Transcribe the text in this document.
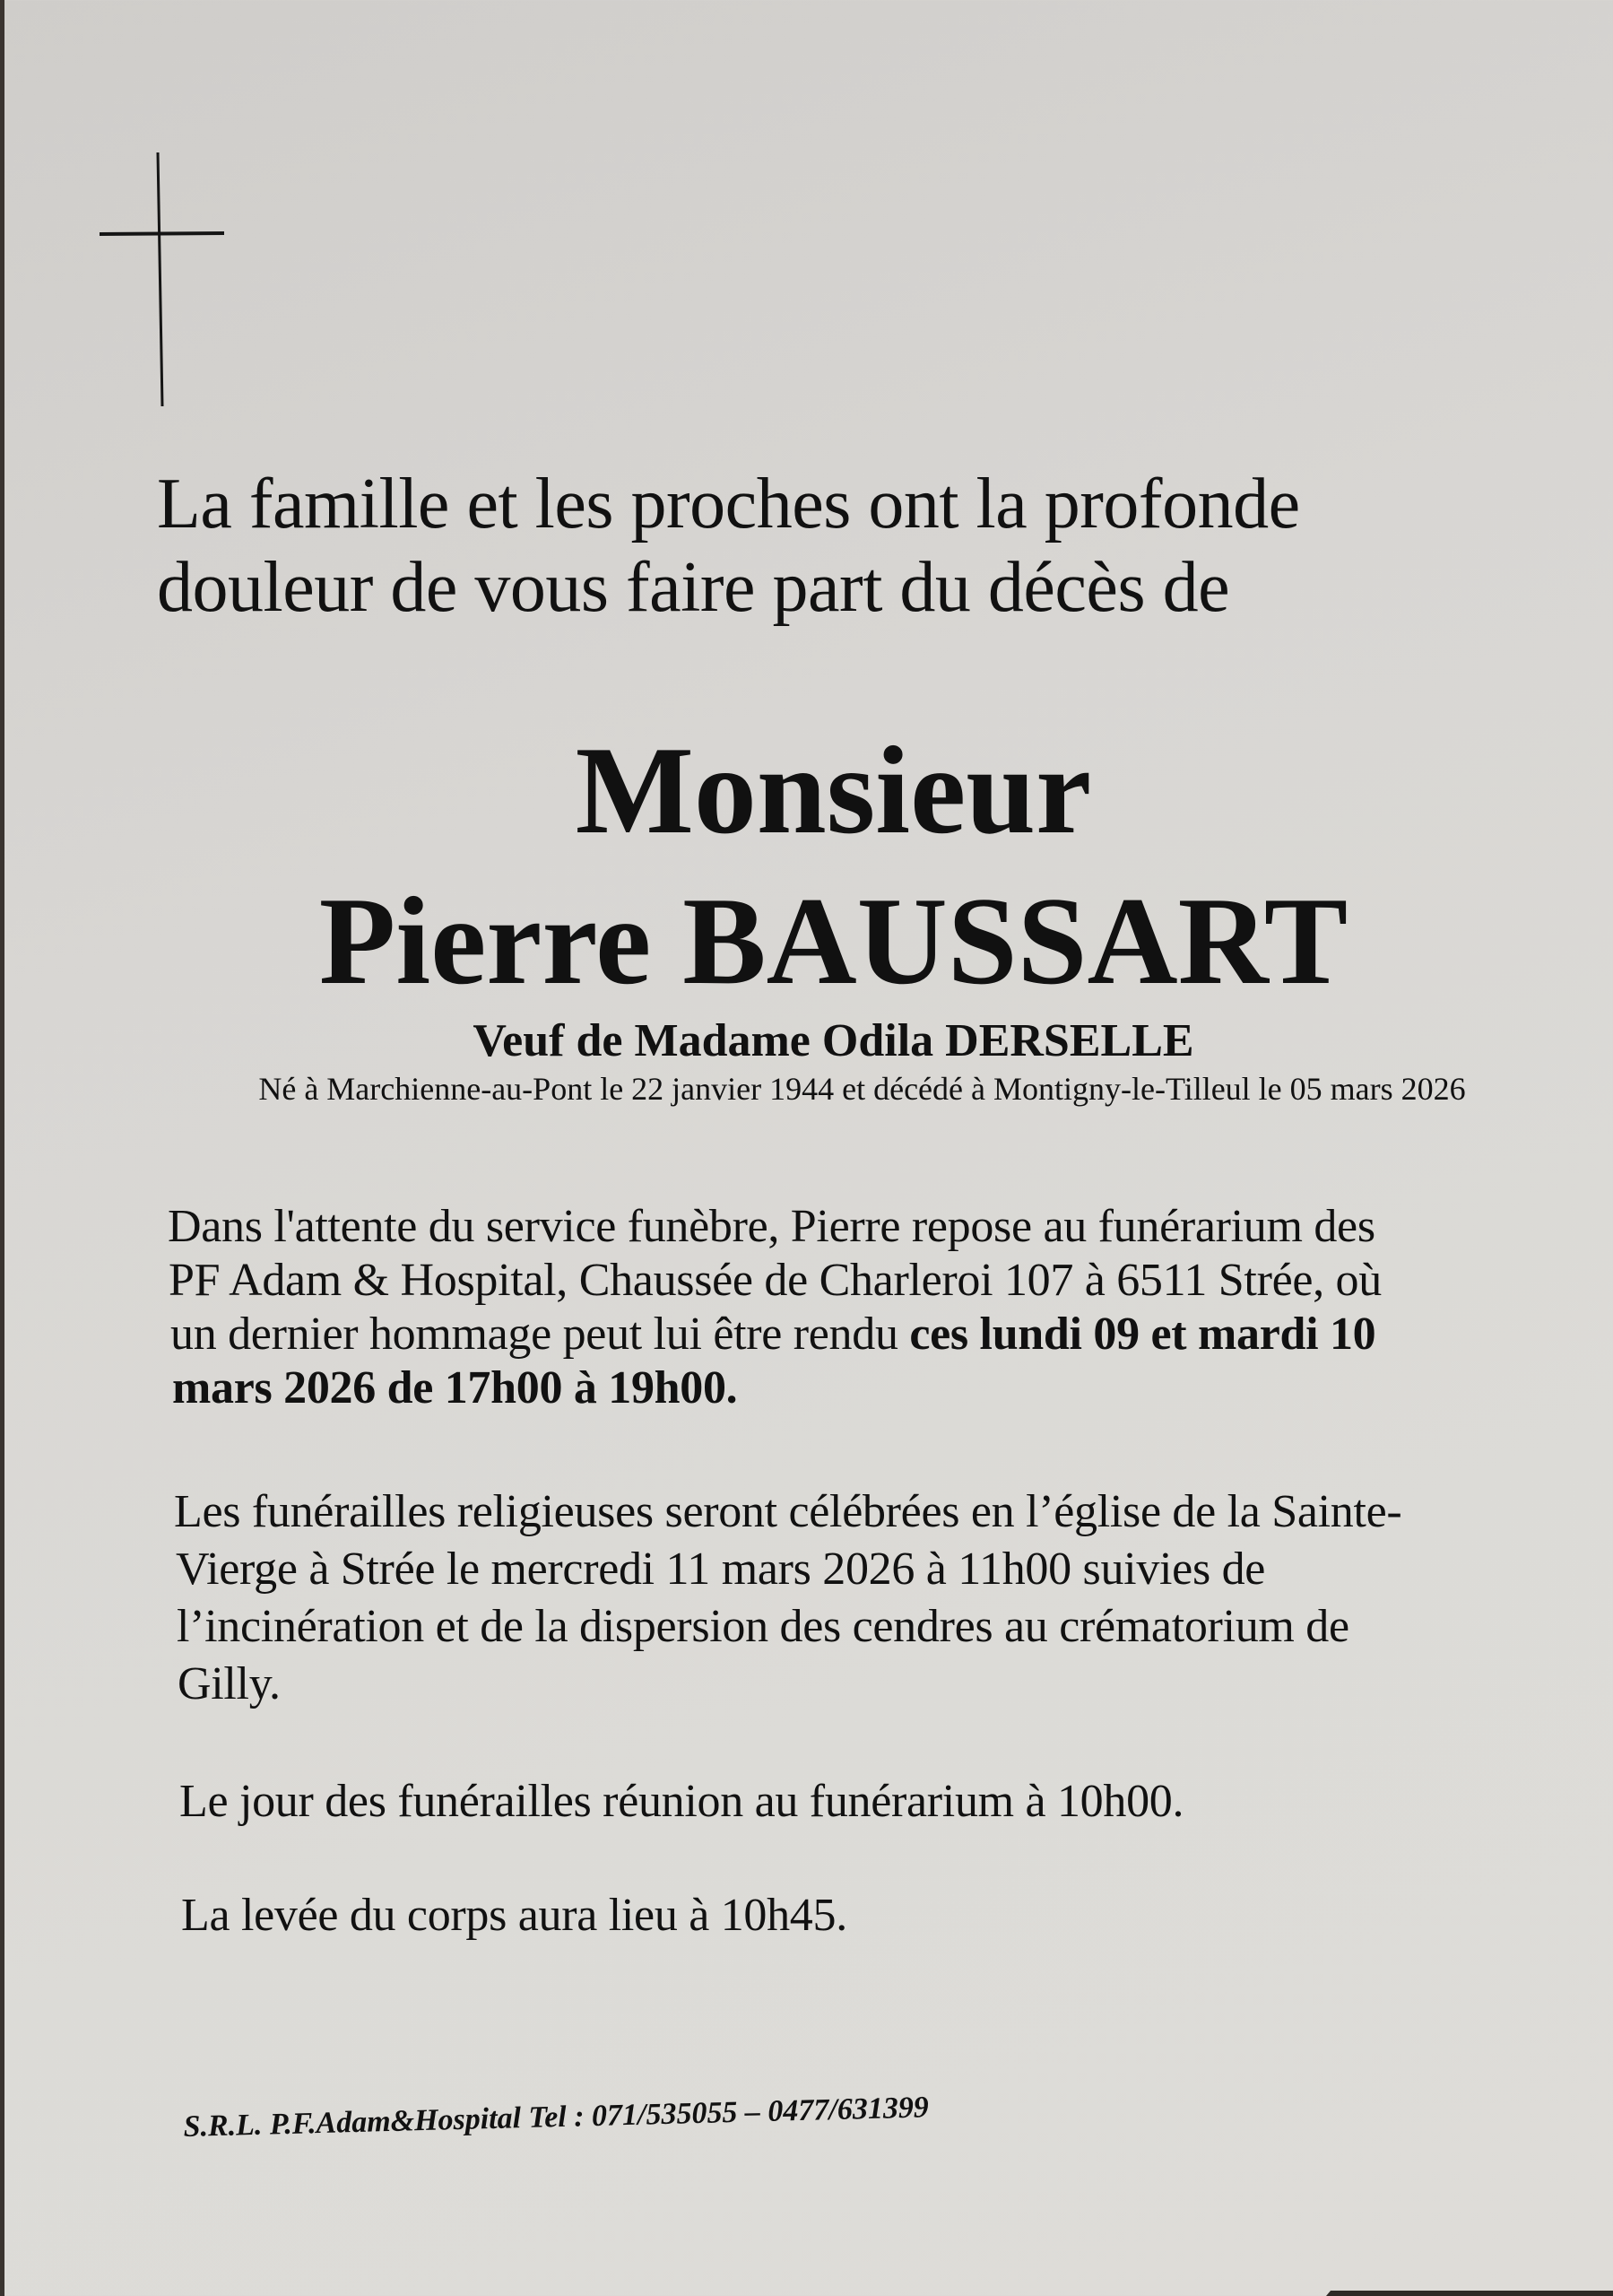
La famille et les proches ont la profonde
douleur de vous faire part du décès de
Monsieur
Pierre BAUSSART
Veuf de Madame Odila DERSELLE
Né à Marchienne-au-Pont le 22 janvier 1944 et décédé à Montigny-le-Tilleul le 05 mars 2026
Dans l'attente du service funèbre, Pierre repose au funérarium des
PF Adam & Hospital, Chaussée de Charleroi 107 à 6511 Strée, où
un dernier hommage peut lui être rendu ces lundi 09 et mardi 10
mars 2026 de 17h00 à 19h00.
Les funérailles religieuses seront célébrées en l’église de la Sainte-
Vierge à Strée le mercredi 11 mars 2026 à 11h00 suivies de
l’incinération et de la dispersion des cendres au crématorium de
Gilly.
Le jour des funérailles réunion au funérarium à 10h00.
La levée du corps aura lieu à 10h45.
S.R.L. P.F.Adam&Hospital Tel : 071/535055 – 0477/631399
